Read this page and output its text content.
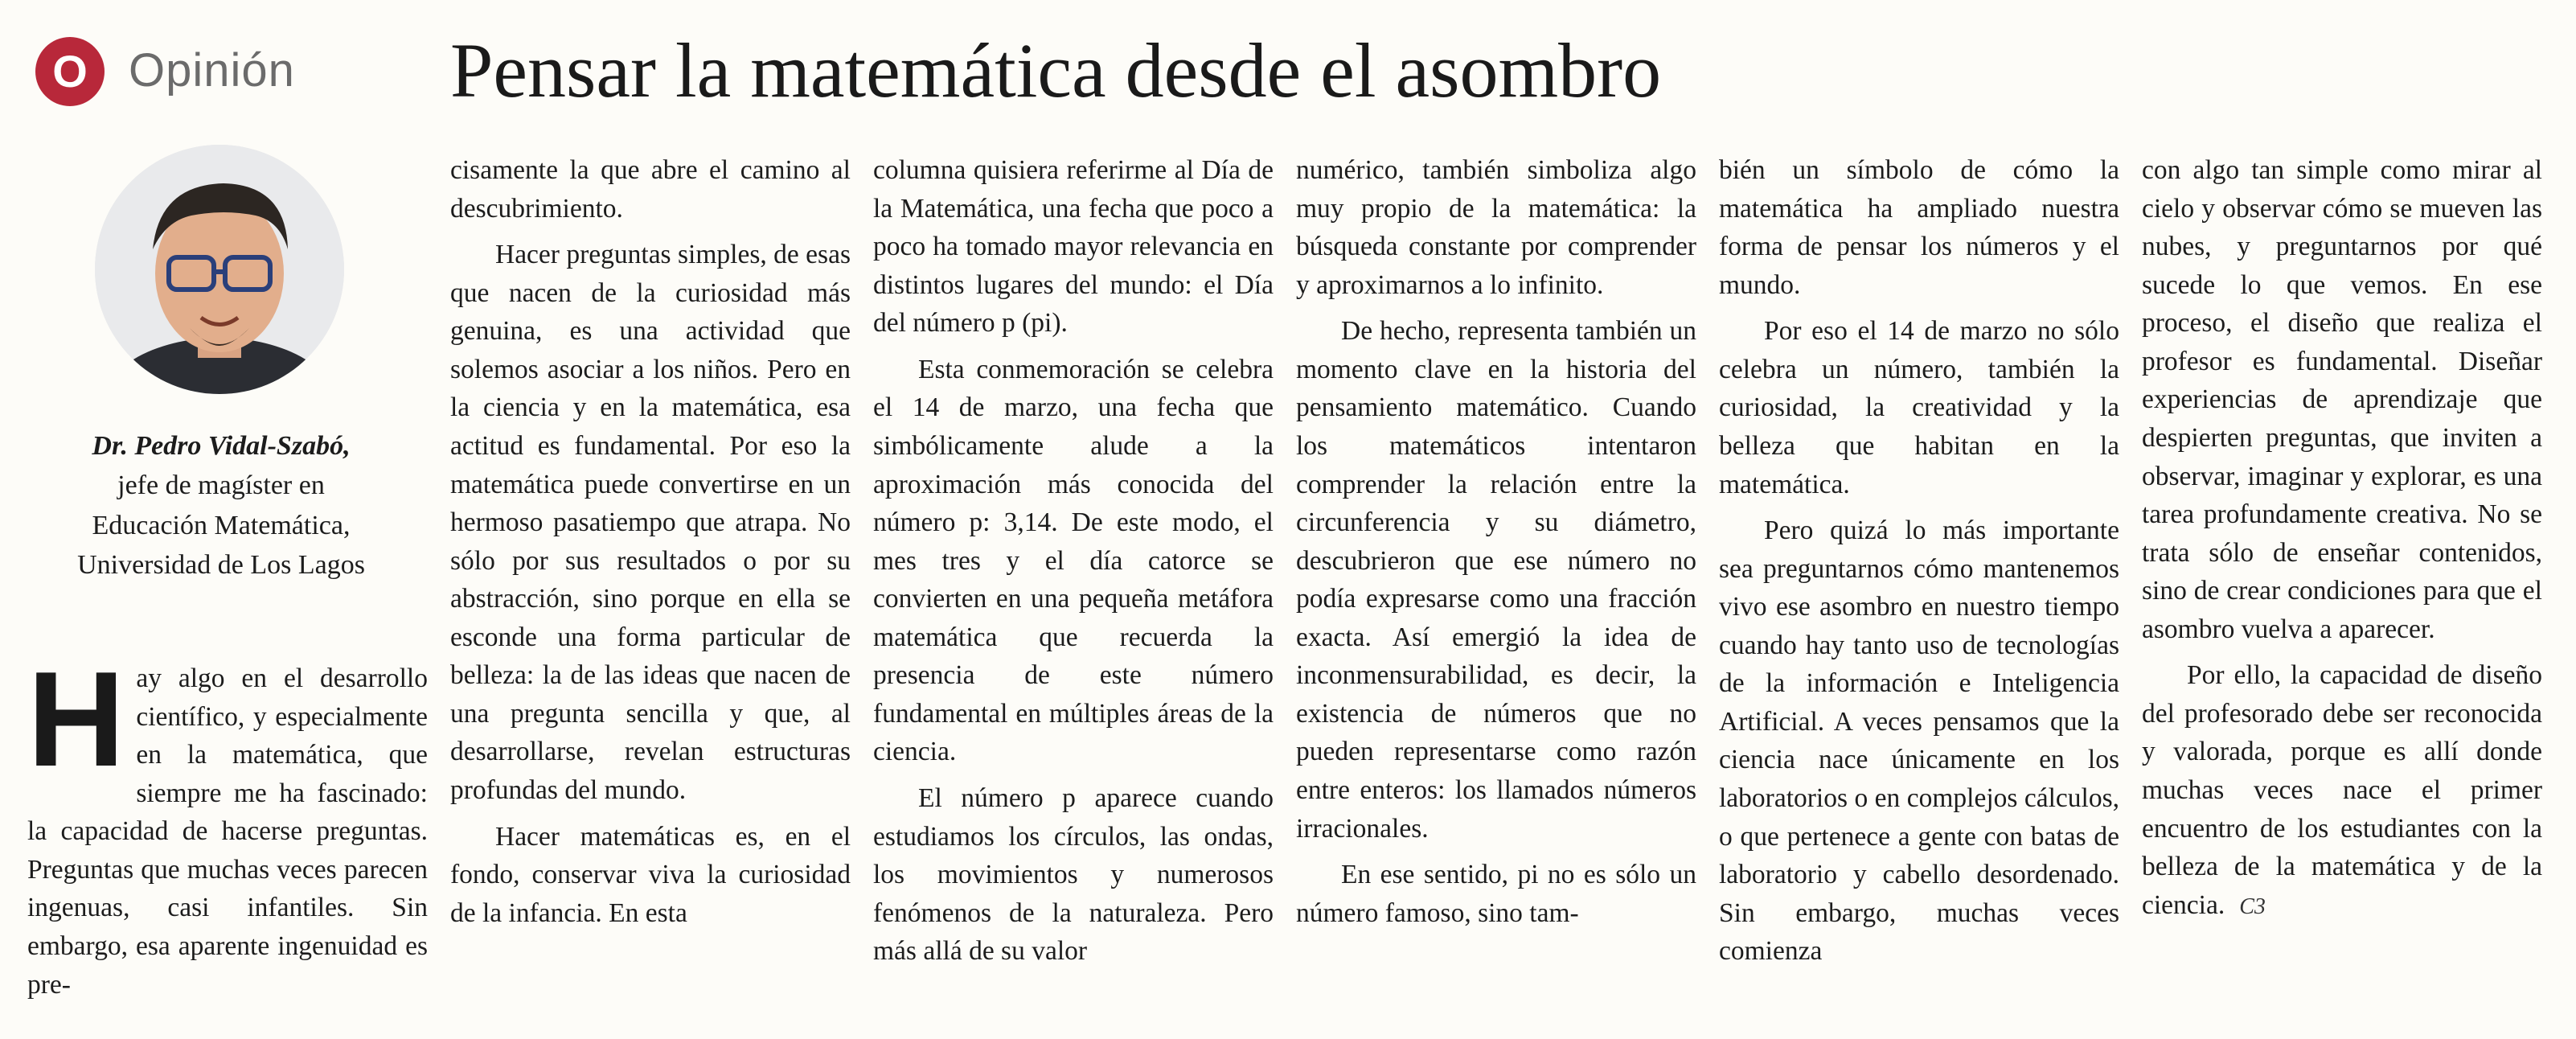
O Opinión Pensar la matemática desde el asombro
Dr. Pedro Vidal-Szabó,
jefe de magíster en
Educación Matemática,
Universidad de Los Lagos

Hay algo en el desarrollo científico, y especialmente en la matemática, que siempre me ha fascinado: la capacidad de hacerse preguntas. Preguntas que muchas veces parecen ingenuas, casi infantiles. Sin embargo, esa aparente ingenuidad es pre-

cisamente la que abre el camino al descubrimiento.

Hacer preguntas simples, de esas que nacen de la curiosidad más genuina, es una actividad que solemos asociar a los niños. Pero en la ciencia y en la matemática, esa actitud es fundamental. Por eso la matemática puede convertirse en un hermoso pasatiempo que atrapa. No sólo por sus resultados o por su abstracción, sino porque en ella se esconde una forma particular de belleza: la de las ideas que nacen de una pregunta sencilla y que, al desarrollarse, revelan estructuras profundas del mundo.

Hacer matemáticas es, en el fondo, conservar viva la curiosidad de la infancia. En esta

columna quisiera referirme al Día de la Matemática, una fecha que poco a poco ha tomado mayor relevancia en distintos lugares del mundo: el Día del número p (pi).

Esta conmemoración se celebra el 14 de marzo, una fecha que simbólicamente alude a la aproximación más conocida del número p: 3,14. De este modo, el mes tres y el día catorce se convierten en una pequeña metáfora matemática que recuerda la presencia de este número fundamental en múltiples áreas de la ciencia.

El número p aparece cuando estudiamos los círculos, las ondas, los movimientos y numerosos fenómenos de la naturaleza. Pero más allá de su valor

numérico, también simboliza algo muy propio de la matemática: la búsqueda constante por comprender y aproximarnos a lo infinito.

De hecho, representa también un momento clave en la historia del pensamiento matemático. Cuando los matemáticos intentaron comprender la relación entre la circunferencia y su diámetro, descubrieron que ese número no podía expresarse como una fracción exacta. Así emergió la idea de inconmensurabilidad, es decir, la existencia de números que no pueden representarse como razón entre enteros: los llamados números irracionales.

En ese sentido, pi no es sólo un número famoso, sino tam-

bién un símbolo de cómo la matemática ha ampliado nuestra forma de pensar los números y el mundo.

Por eso el 14 de marzo no sólo celebra un número, también la curiosidad, la creatividad y la belleza que habitan en la matemática.

Pero quizá lo más importante sea preguntarnos cómo mantenemos vivo ese asombro en nuestro tiempo cuando hay tanto uso de tecnologías de la información e Inteligencia Artificial. A veces pensamos que la ciencia nace únicamente en los laboratorios o en complejos cálculos, o que pertenece a gente con batas de laboratorio y cabello desordenado. Sin embargo, muchas veces comienza

con algo tan simple como mirar al cielo y observar cómo se mueven las nubes, y preguntarnos por qué sucede lo que vemos. En ese proceso, el diseño que realiza el profesor es fundamental. Diseñar experiencias de aprendizaje que despierten preguntas, que inviten a observar, imaginar y explorar, es una tarea profundamente creativa. No se trata sólo de enseñar contenidos, sino de crear condiciones para que el asombro vuelva a aparecer.

Por ello, la capacidad de diseño del profesorado debe ser reconocida y valorada, porque es allí donde muchas veces nace el primer encuentro de los estudiantes con la belleza de la matemática y de la ciencia. C3
